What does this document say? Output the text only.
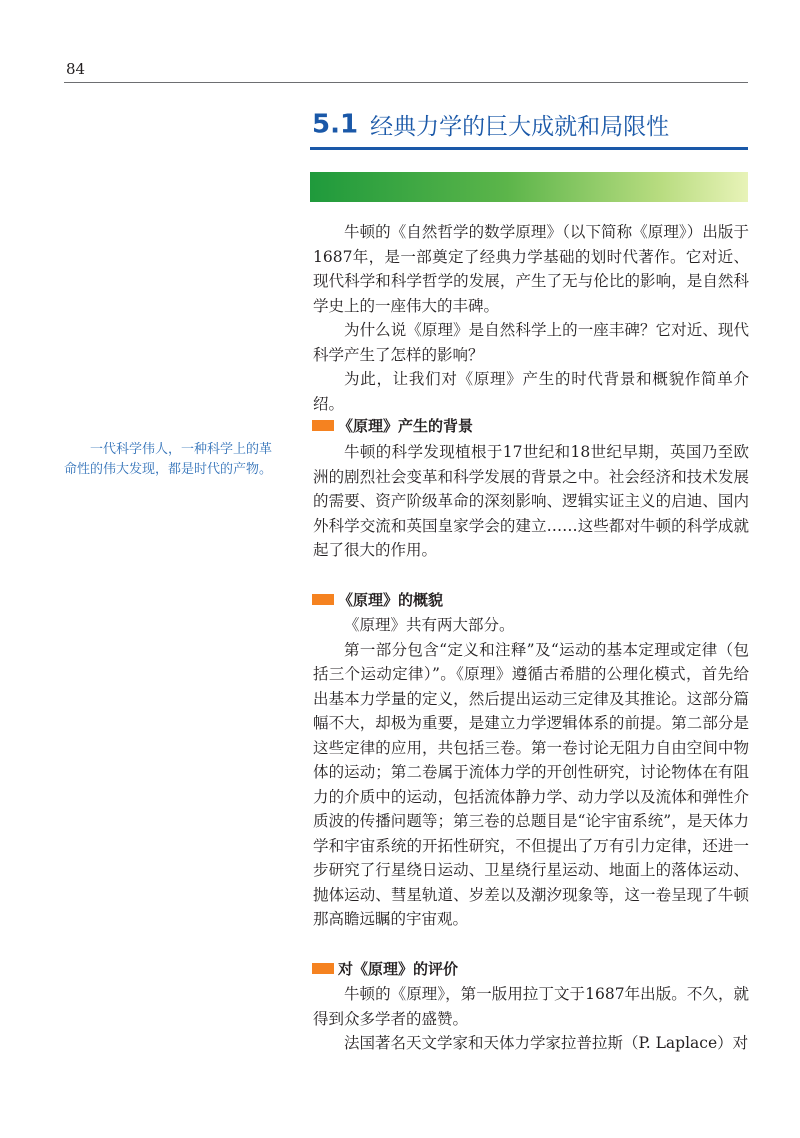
84
5.1 经典力学的巨大成就和局限性

牛顿的《自然哲学的数学原理》（以下简称《原理》）出版于1687年，是一部奠定了经典力学基础的划时代著作。它对近、现代科学和科学哲学的发展，产生了无与伦比的影响，是自然科学史上的一座伟大的丰碑。

为什么说《原理》是自然科学上的一座丰碑？它对近、现代科学产生了怎样的影响？

为此，让我们对《原理》产生的时代背景和概貌作简单介绍。

《原理》产生的背景

牛顿的科学发现植根于17世纪和18世纪早期，英国乃至欧洲的剧烈社会变革和科学发展的背景之中。社会经济和技术发展的需要、资产阶级革命的深刻影响、逻辑实证主义的启迪、国内外科学交流和英国皇家学会的建立……这些都对牛顿的科学成就起了很大的作用。

一代科学伟人，一种科学上的革命性的伟大发现，都是时代的产物。
《原理》的概貌

《原理》共有两大部分。

第一部分包含“定义和注释”及“运动的基本定理或定律（包括三个运动定律）”。《原理》遵循古希腊的公理化模式，首先给出基本力学量的定义，然后提出运动三定律及其推论。这部分篇幅不大，却极为重要，是建立力学逻辑体系的前提。第二部分是这些定律的应用，共包括三卷。第一卷讨论无阻力自由空间中物体的运动；第二卷属于流体力学的开创性研究，讨论物体在有阻力的介质中的运动，包括流体静力学、动力学以及流体和弹性介质波的传播问题等；第三卷的总题目是“论宇宙系统”，是天体力学和宇宙系统的开拓性研究，不但提出了万有引力定律，还进一步研究了行星绕日运动、卫星绕行星运动、地面上的落体运动、抛体运动、彗星轨道、岁差以及潮汐现象等，这一卷呈现了牛顿那高瞻远瞩的宇宙观。

对《原理》的评价

牛顿的《原理》，第一版用拉丁文于1687年出版。不久，就得到众多学者的盛赞。

法国著名天文学家和天体力学家拉普拉斯（P. Laplace）对
